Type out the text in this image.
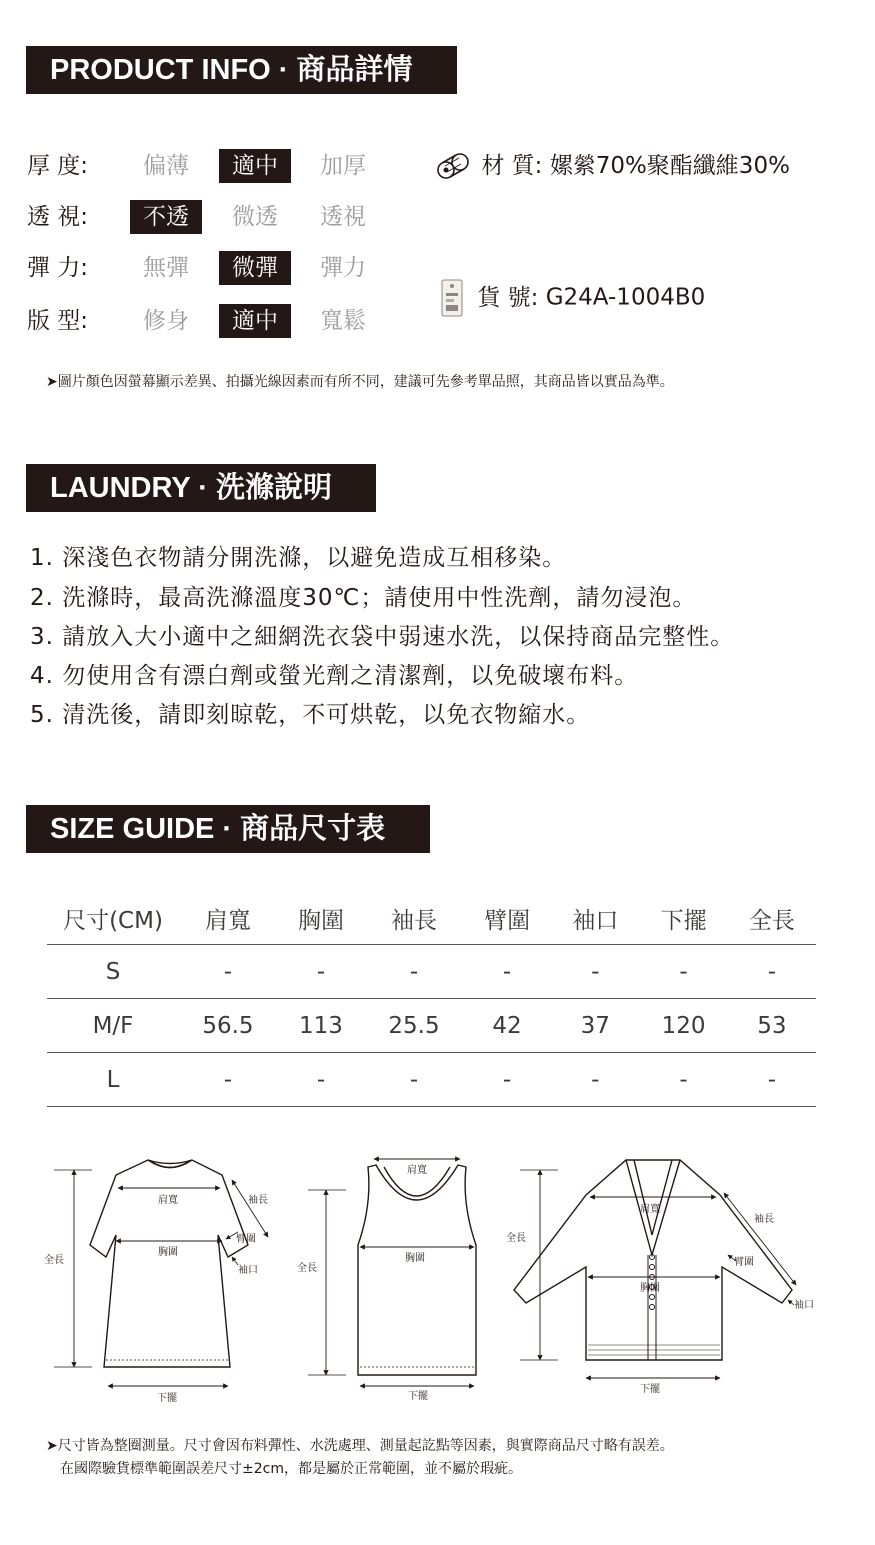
PRODUCT INFO · 商品詳情
厚 度:	偏薄	適中	加厚
透 視:	不透	微透	透視
彈 力:	無彈	微彈	彈力
版 型:	修身	適中	寬鬆
材 質: 嫘縈70%聚酯纖維30%
貨 號: G24A-1004B0
➤圖片顏色因螢幕顯示差異、拍攝光線因素而有所不同，建議可先參考單品照，其商品皆以實品為準。
LAUNDRY · 洗滌說明
1. 深淺色衣物請分開洗滌，以避免造成互相移染。
2. 洗滌時，最高洗滌溫度30℃；請使用中性洗劑，請勿浸泡。
3. 請放入大小適中之細網洗衣袋中弱速水洗，以保持商品完整性。
4. 勿使用含有漂白劑或螢光劑之清潔劑，以免破壞布料。
5. 清洗後，請即刻晾乾，不可烘乾，以免衣物縮水。
SIZE GUIDE · 商品尺寸表
尺寸(CM)	肩寬	胸圍	袖長	臂圍	袖口	下擺	全長
S	-	-	-	-	-	-	-
M/F	56.5	113	25.5	42	37	120	53
L	-	-	-	-	-	-	-
肩寬
胸圍
袖長
臂圍
袖口
全長
下擺
肩寬
胸圍
全長
下擺
肩寬
胸圍
袖長
臂圍
袖口
全長
下擺
➤尺寸皆為整圈測量。尺寸會因布料彈性、水洗處理、測量起訖點等因素，與實際商品尺寸略有誤差。
在國際驗貨標準範圍誤差尺寸±2cm，都是屬於正常範圍，並不屬於瑕疵。
